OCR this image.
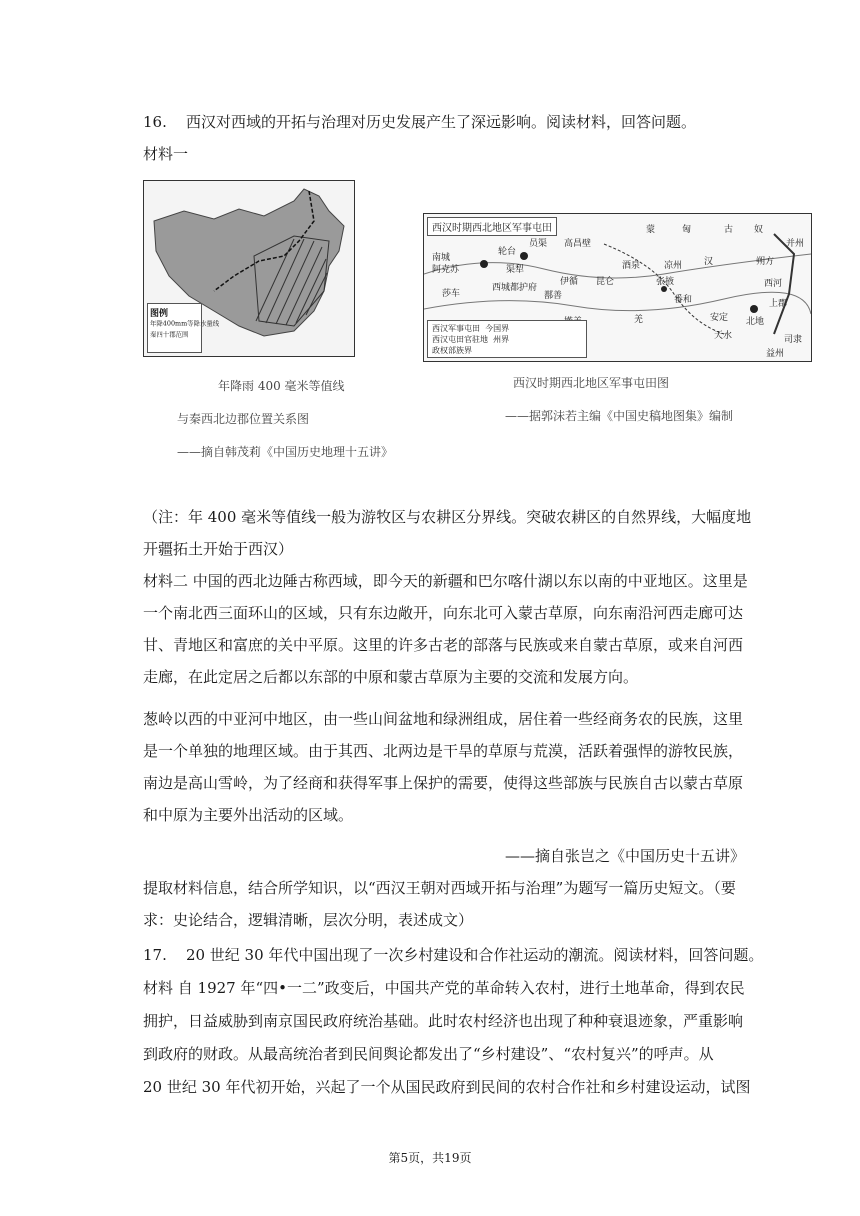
16. 西汉对西域的开拓与治理对历史发展产生了深远影响。阅读材料，回答问题。
材料一
图例
年降400mm等降水量线
秦四十郡范围
年降雨 400 毫米等值线
与秦西北边郡位置关系图
——摘自韩茂莉《中国历史地理十五讲》
西汉时期西北地区军事屯田	蒙	匈	古 奴
并州
轮台
员渠 高昌壁
南城
阿克苏	渠犁
西城都护府
伊循
鄯善
昆仑
酒泉
张掖
凉州
番和
汉	朔方
西河
上郡
北地
安定
天水
莎车
羌
益州
司隶
西汉军事屯田 今国界
西汉屯田官驻地 州界
政权部族界
西汉时期西北地区军事屯田图
——据郭沫若主编《中国史稿地图集》编制
（注：年 400 毫米等值线一般为游牧区与农耕区分界线。突破农耕区的自然界线，大幅度地
开疆拓土开始于西汉）
材料二 中国的西北边陲古称西域，即今天的新疆和巴尔喀什湖以东以南的中亚地区。这里是
一个南北西三面环山的区域，只有东边敞开，向东北可入蒙古草原，向东南沿河西走廊可达
甘、青地区和富庶的关中平原。这里的许多古老的部落与民族或来自蒙古草原，或来自河西
走廊，在此定居之后都以东部的中原和蒙古草原为主要的交流和发展方向。
葱岭以西的中亚河中地区，由一些山间盆地和绿洲组成，居住着一些经商务农的民族，这里
是一个单独的地理区域。由于其西、北两边是干旱的草原与荒漠，活跃着强悍的游牧民族，
南边是高山雪岭，为了经商和获得军事上保护的需要，使得这些部族与民族自古以蒙古草原
和中原为主要外出活动的区域。
——摘自张岂之《中国历史十五讲》
提取材料信息，结合所学知识，以“西汉王朝对西域开拓与治理”为题写一篇历史短文。（要
求：史论结合，逻辑清晰，层次分明，表述成文）
17. 20 世纪 30 年代中国出现了一次乡村建设和合作社运动的潮流。阅读材料，回答问题。
材料 自 1927 年“四•一二”政变后，中国共产党的革命转入农村，进行土地革命，得到农民
拥护，日益威胁到南京国民政府统治基础。此时农村经济也出现了种种衰退迹象，严重影响
到政府的财政。从最高统治者到民间舆论都发出了“乡村建设”、“农村复兴”的呼声。从
20 世纪 30 年代初开始，兴起了一个从国民政府到民间的农村合作社和乡村建设运动，试图
第5页，共19页
